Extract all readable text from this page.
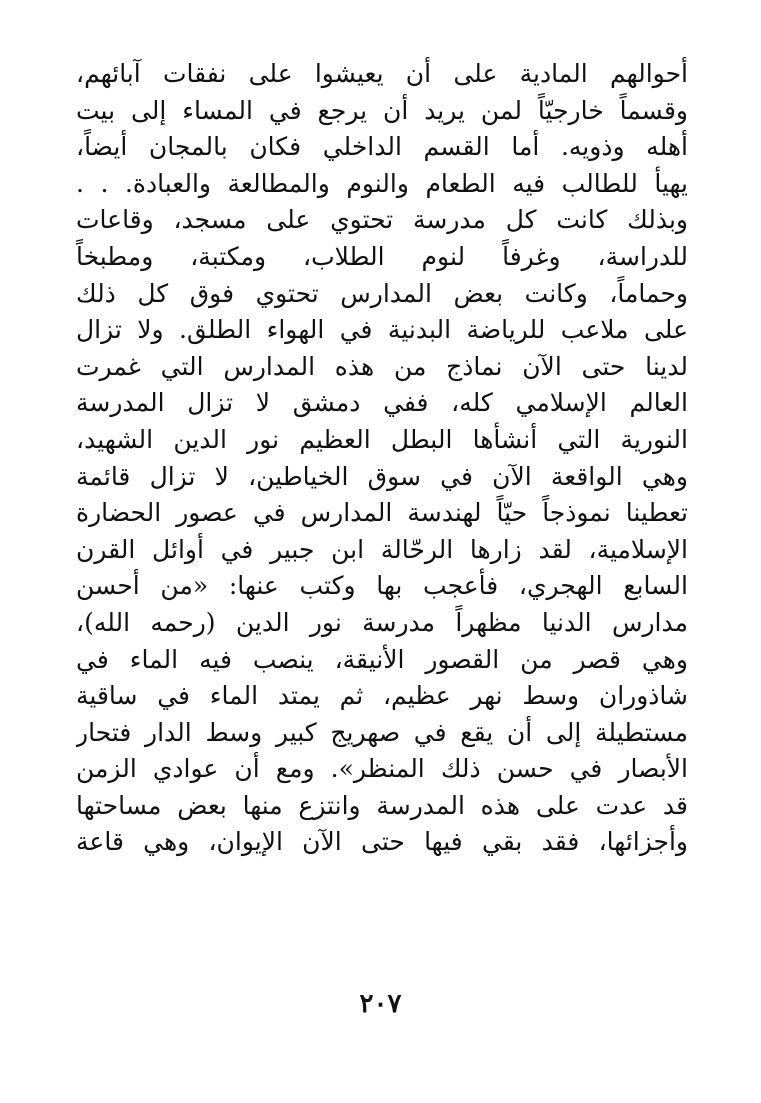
أحوالهم المادية على أن يعيشوا على نفقات آبائهم،
وقسماً خارجيّاً لمن يريد أن يرجع في المساء إلى بيت
أهله وذويه. أما القسم الداخلي فكان بالمجان أيضاً،
يهيأ للطالب فيه الطعام والنوم والمطالعة والعبادة. . .
وبذلك كانت كل مدرسة تحتوي على مسجد، وقاعات
للدراسة، وغرفاً لنوم الطلاب، ومكتبة، ومطبخاً
وحماماً، وكانت بعض المدارس تحتوي فوق كل ذلك
على ملاعب للرياضة البدنية في الهواء الطلق. ولا تزال
لدينا حتى الآن نماذج من هذه المدارس التي غمرت
العالم الإسلامي كله، ففي دمشق لا تزال المدرسة
النورية التي أنشأها البطل العظيم نور الدين الشهيد،
وهي الواقعة الآن في سوق الخياطين، لا تزال قائمة
تعطينا نموذجاً حيّاً لهندسة المدارس في عصور الحضارة
الإسلامية، لقد زارها الرحّالة ابن جبير في أوائل القرن
السابع الهجري، فأعجب بها وكتب عنها: «من أحسن
مدارس الدنيا مظهراً مدرسة نور الدين (رحمه الله)،
وهي قصر من القصور الأنيقة، ينصب فيه الماء في
شاذوران وسط نهر عظيم، ثم يمتد الماء في ساقية
مستطيلة إلى أن يقع في صهريج كبير وسط الدار فتحار
الأبصار في حسن ذلك المنظر». ومع أن عوادي الزمن
قد عدت على هذه المدرسة وانتزع منها بعض مساحتها
وأجزائها، فقد بقي فيها حتى الآن الإيوان، وهي قاعة
٢٠٧
